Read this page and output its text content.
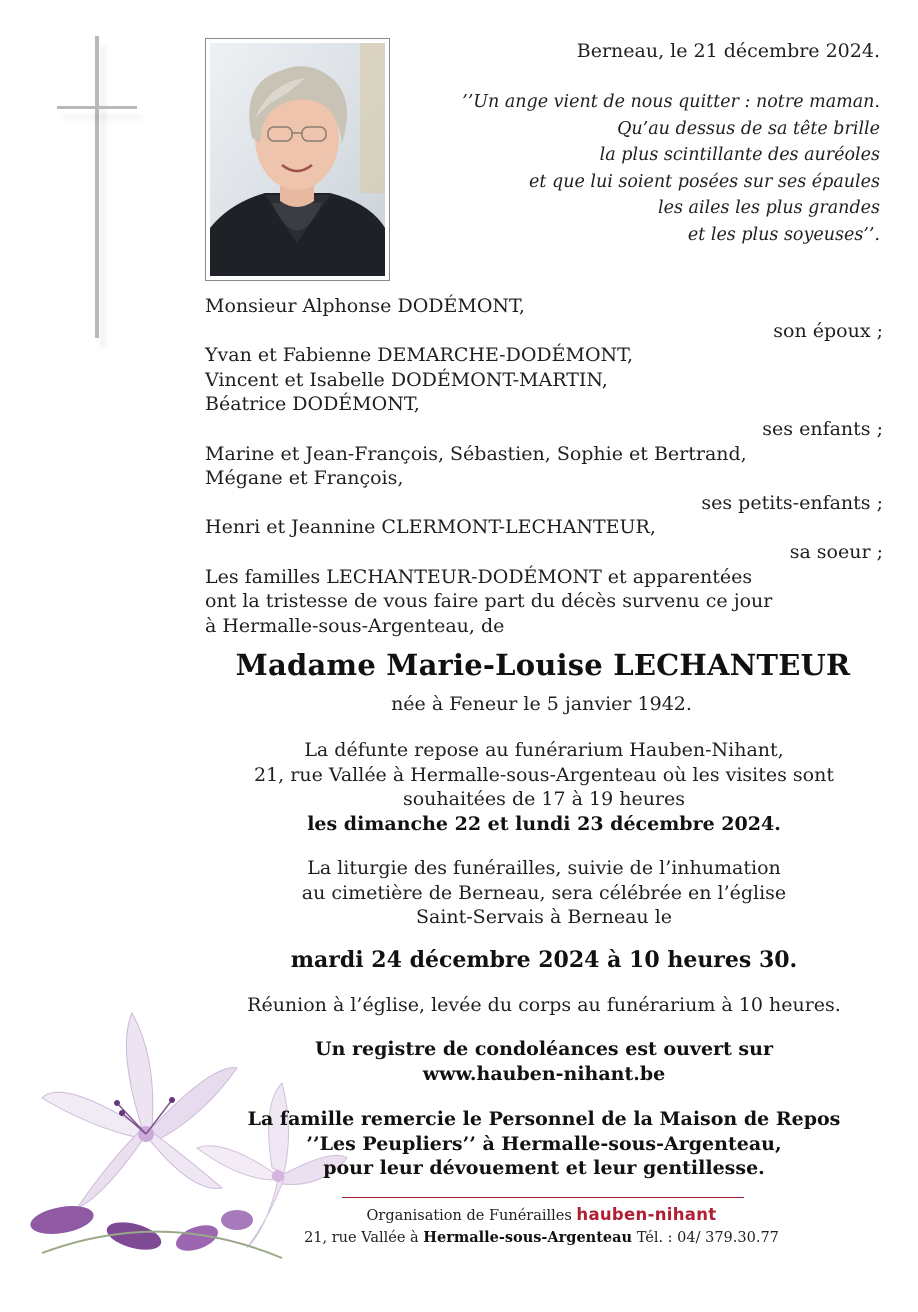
Berneau, le 21 décembre 2024.
’’Un ange vient de nous quitter : notre maman.
Qu’au dessus de sa tête brille
la plus scintillante des auréoles
et que lui soient posées sur ses épaules
les ailes les plus grandes
et les plus soyeuses’’.
Monsieur Alphonse DODÉMONT,
son époux ;
Yvan et Fabienne DEMARCHE-DODÉMONT,
Vincent et Isabelle DODÉMONT-MARTIN,
Béatrice DODÉMONT,
ses enfants ;
Marine et Jean-François, Sébastien, Sophie et Bertrand,
Mégane et François,
ses petits-enfants ;
Henri et Jeannine CLERMONT-LECHANTEUR,
sa soeur ;
Les familles LECHANTEUR-DODÉMONT et apparentées
ont la tristesse de vous faire part du décès survenu ce jour
à Hermalle-sous-Argenteau, de
Madame Marie-Louise LECHANTEUR
née à Feneur le 5 janvier 1942.
La défunte repose au funérarium Hauben-Nihant,
21, rue Vallée à Hermalle-sous-Argenteau où les visites sont
souhaitées de 17 à 19 heures
les dimanche 22 et lundi 23 décembre 2024.
La liturgie des funérailles, suivie de l’inhumation
au cimetière de Berneau, sera célébrée en l’église
Saint-Servais à Berneau le
mardi 24 décembre 2024 à 10 heures 30.
Réunion à l’église, levée du corps au funérarium à 10 heures.
Un registre de condoléances est ouvert sur
www.hauben-nihant.be
La famille remercie le Personnel de la Maison de Repos
’’Les Peupliers’’ à Hermalle-sous-Argenteau,
pour leur dévouement et leur gentillesse.
Organisation de Funérailles hauben-nihant
21, rue Vallée à Hermalle-sous-Argenteau Tél. : 04/ 379.30.77
